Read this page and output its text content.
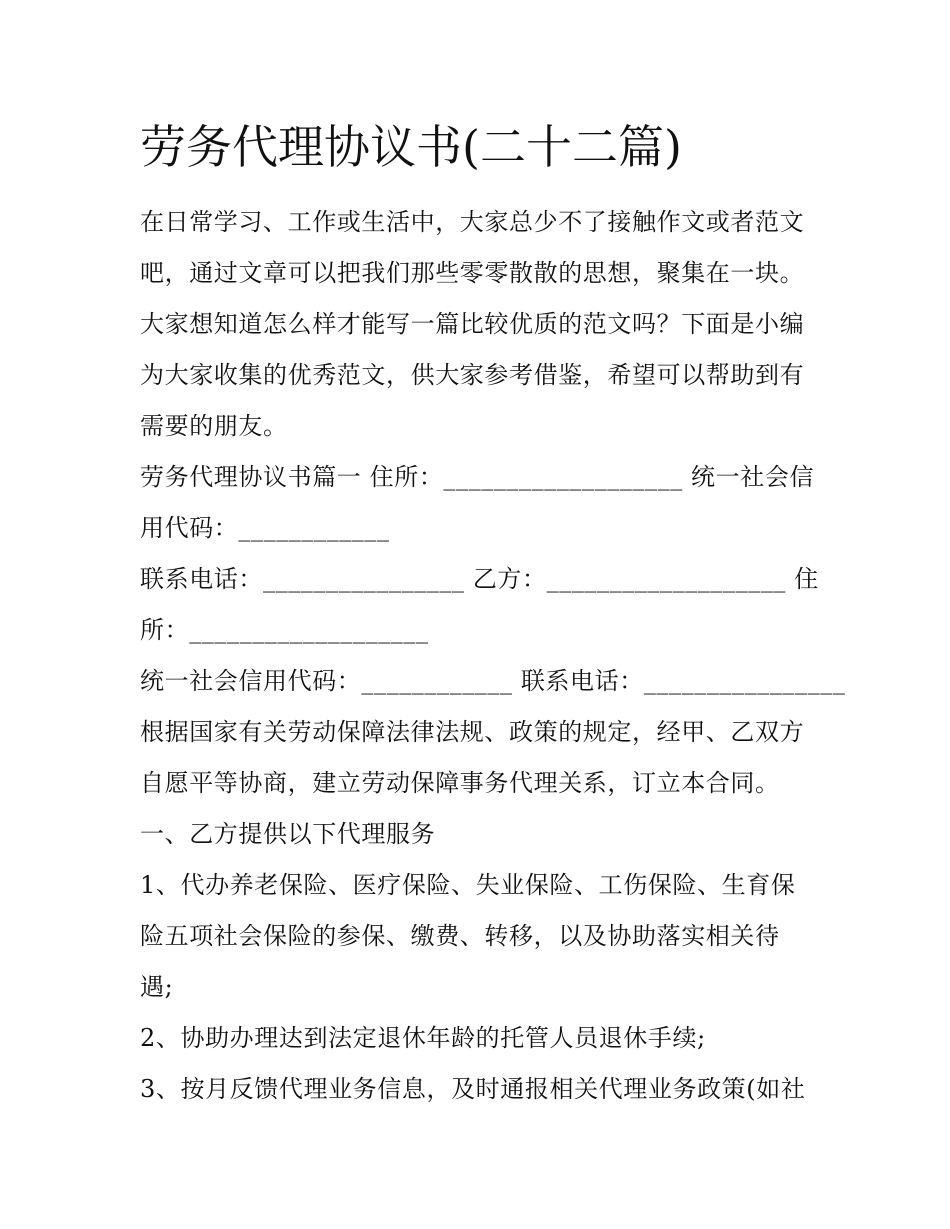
劳务代理协议书(二十二篇)
在日常学习、工作或生活中，大家总少不了接触作文或者范文
吧，通过文章可以把我们那些零零散散的思想，聚集在一块。
大家想知道怎么样才能写一篇比较优质的范文吗？下面是小编
为大家收集的优秀范文，供大家参考借鉴，希望可以帮助到有
需要的朋友。
劳务代理协议书篇一 住所：___________________ 统一社会信
用代码：____________
联系电话：________________ 乙方：___________________ 住
所：___________________
统一社会信用代码：____________ 联系电话：________________
根据国家有关劳动保障法律法规、政策的规定，经甲、乙双方
自愿平等协商，建立劳动保障事务代理关系，订立本合同。
一、乙方提供以下代理服务
1、代办养老保险、医疗保险、失业保险、工伤保险、生育保
险五项社会保险的参保、缴费、转移，以及协助落实相关待
遇;
2、协助办理达到法定退休年龄的托管人员退休手续;
3、按月反馈代理业务信息，及时通报相关代理业务政策(如社
